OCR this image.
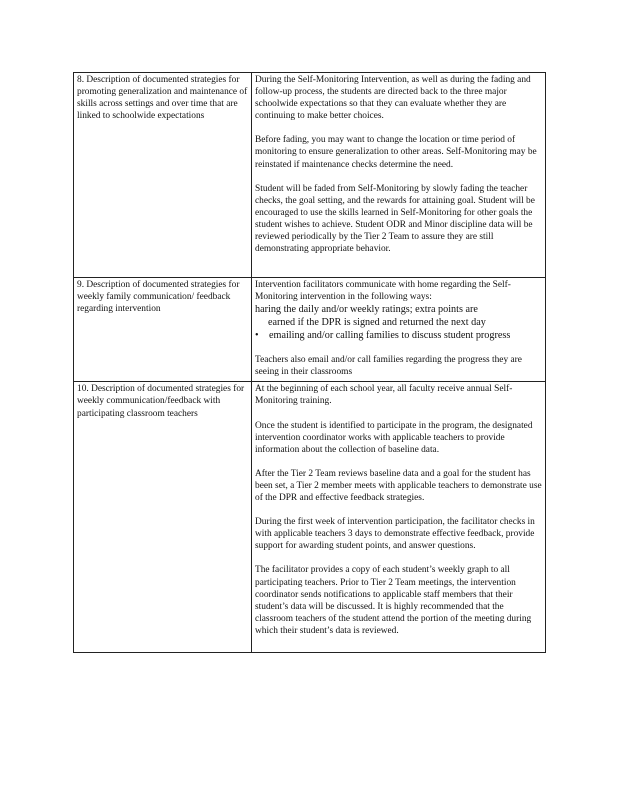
8. Description of documented strategies for promoting generalization and maintenance of skills across settings and over time that are linked to schoolwide expectations	During the Self-Monitoring Intervention, as well as during the fading and follow-up process, the students are directed back to the three major schoolwide expectations so that they can evaluate whether they are continuing to make better choices.

Before fading, you may want to change the location or time period of monitoring to ensure generalization to other areas. Self-Monitoring may be reinstated if maintenance checks determine the need.

Student will be faded from Self-Monitoring by slowly fading the teacher checks, the goal setting, and the rewards for attaining goal. Student will be encouraged to use the skills learned in Self-Monitoring for other goals the student wishes to achieve. Student ODR and Minor discipline data will be reviewed periodically by the Tier 2 Team to assure they are still demonstrating appropriate behavior.

9. Description of documented strategies for weekly family communication/ feedback regarding intervention	Intervention facilitators communicate with home regarding the Self-Monitoring intervention in the following ways:

haring the daily and/or weekly ratings; extra points are

earned if the DPR is signed and returned the next day

• emailing and/or calling families to discuss student progress

Teachers also email and/or call families regarding the progress they are seeing in their classrooms

10. Description of documented strategies for weekly communication/feedback with participating classroom teachers	At the beginning of each school year, all faculty receive annual Self-Monitoring training.

Once the student is identified to participate in the program, the designated intervention coordinator works with applicable teachers to provide information about the collection of baseline data.

After the Tier 2 Team reviews baseline data and a goal for the student has been set, a Tier 2 member meets with applicable teachers to demonstrate use of the DPR and effective feedback strategies.

During the first week of intervention participation, the facilitator checks in with applicable teachers 3 days to demonstrate effective feedback, provide support for awarding student points, and answer questions.

The facilitator provides a copy of each student’s weekly graph to all participating teachers. Prior to Tier 2 Team meetings, the intervention coordinator sends notifications to applicable staff members that their student’s data will be discussed. It is highly recommended that the classroom teachers of the student attend the portion of the meeting during which their student’s data is reviewed.
